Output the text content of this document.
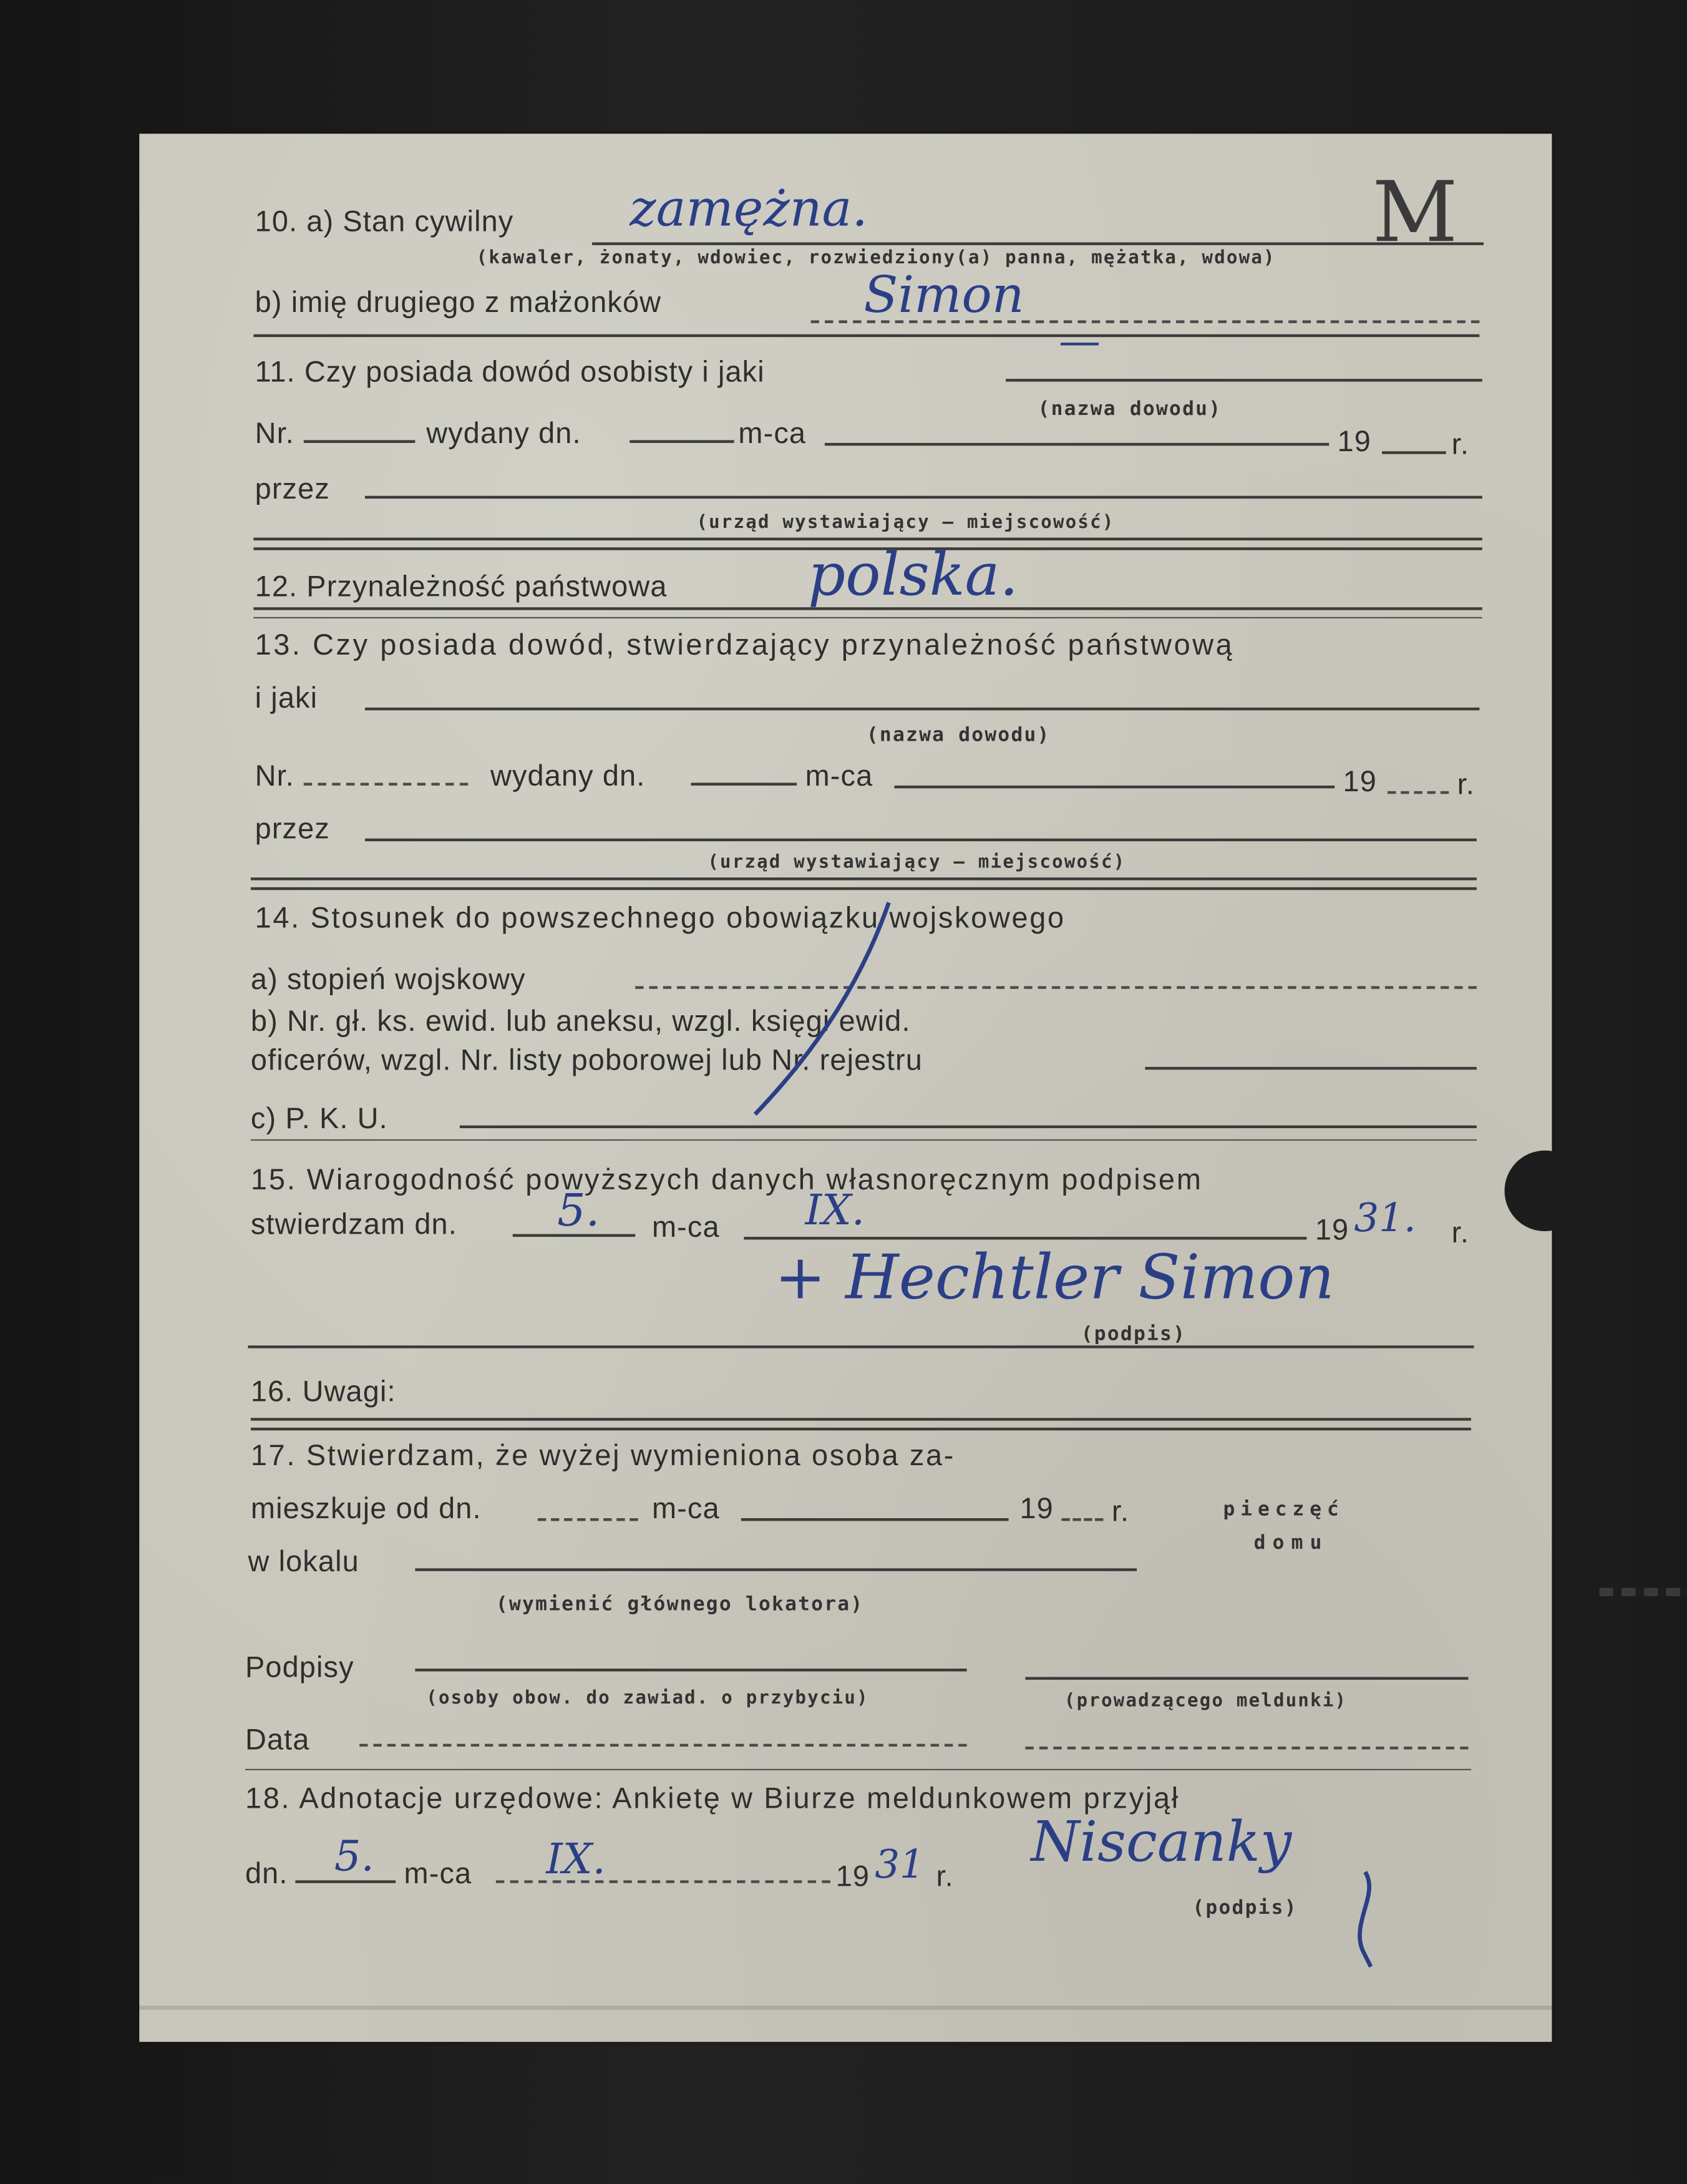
M
10. a) Stan cywilny	zamężna.
(kawaler, żonaty, wdowiec, rozwiedziony(a) panna, mężatka, wdowa)
b) imię drugiego z małżonków	Simon
11. Czy posiada dowód osobisty i jaki
—
(nazwa dowodu)
Nr.	wydany dn.	m-ca	19	r.
przez
(urząd wystawiający — miejscowość)
12. Przynależność państwowa	polska.
13. Czy posiada dowód, stwierdzający przynależność państwową
i jaki
(nazwa dowodu)
Nr.	wydany dn.	m-ca	19	r.
przez
(urząd wystawiający — miejscowość)
14. Stosunek do powszechnego obowiązku wojskowego
a) stopień wojskowy
b) Nr. gł. ks. ewid. lub aneksu, wzgl. księgi ewid.
oficerów, wzgl. Nr. listy poborowej lub Nr. rejestru
c) P. K. U.
15. Wiarogodność powyższych danych własnoręcznym podpisem
stwierdzam dn.	5.	m-ca	IX.	19 31.	r.
+ Hechtler Simon
(podpis)
16. Uwagi:
17. Stwierdzam, że wyżej wymieniona osoba za-
mieszkuje od dn.	m-ca	19	r.	pieczęć
domu
w lokalu
(wymienić głównego lokatora)
Podpisy
(osoby obow. do zawiad. o przybyciu)	(prowadzącego meldunki)
Data
18. Adnotacje urzędowe: Ankietę w Biurze meldunkowem przyjął
dn. 5. m-ca	IX.	19 31 r.
Niscanky
(podpis)
